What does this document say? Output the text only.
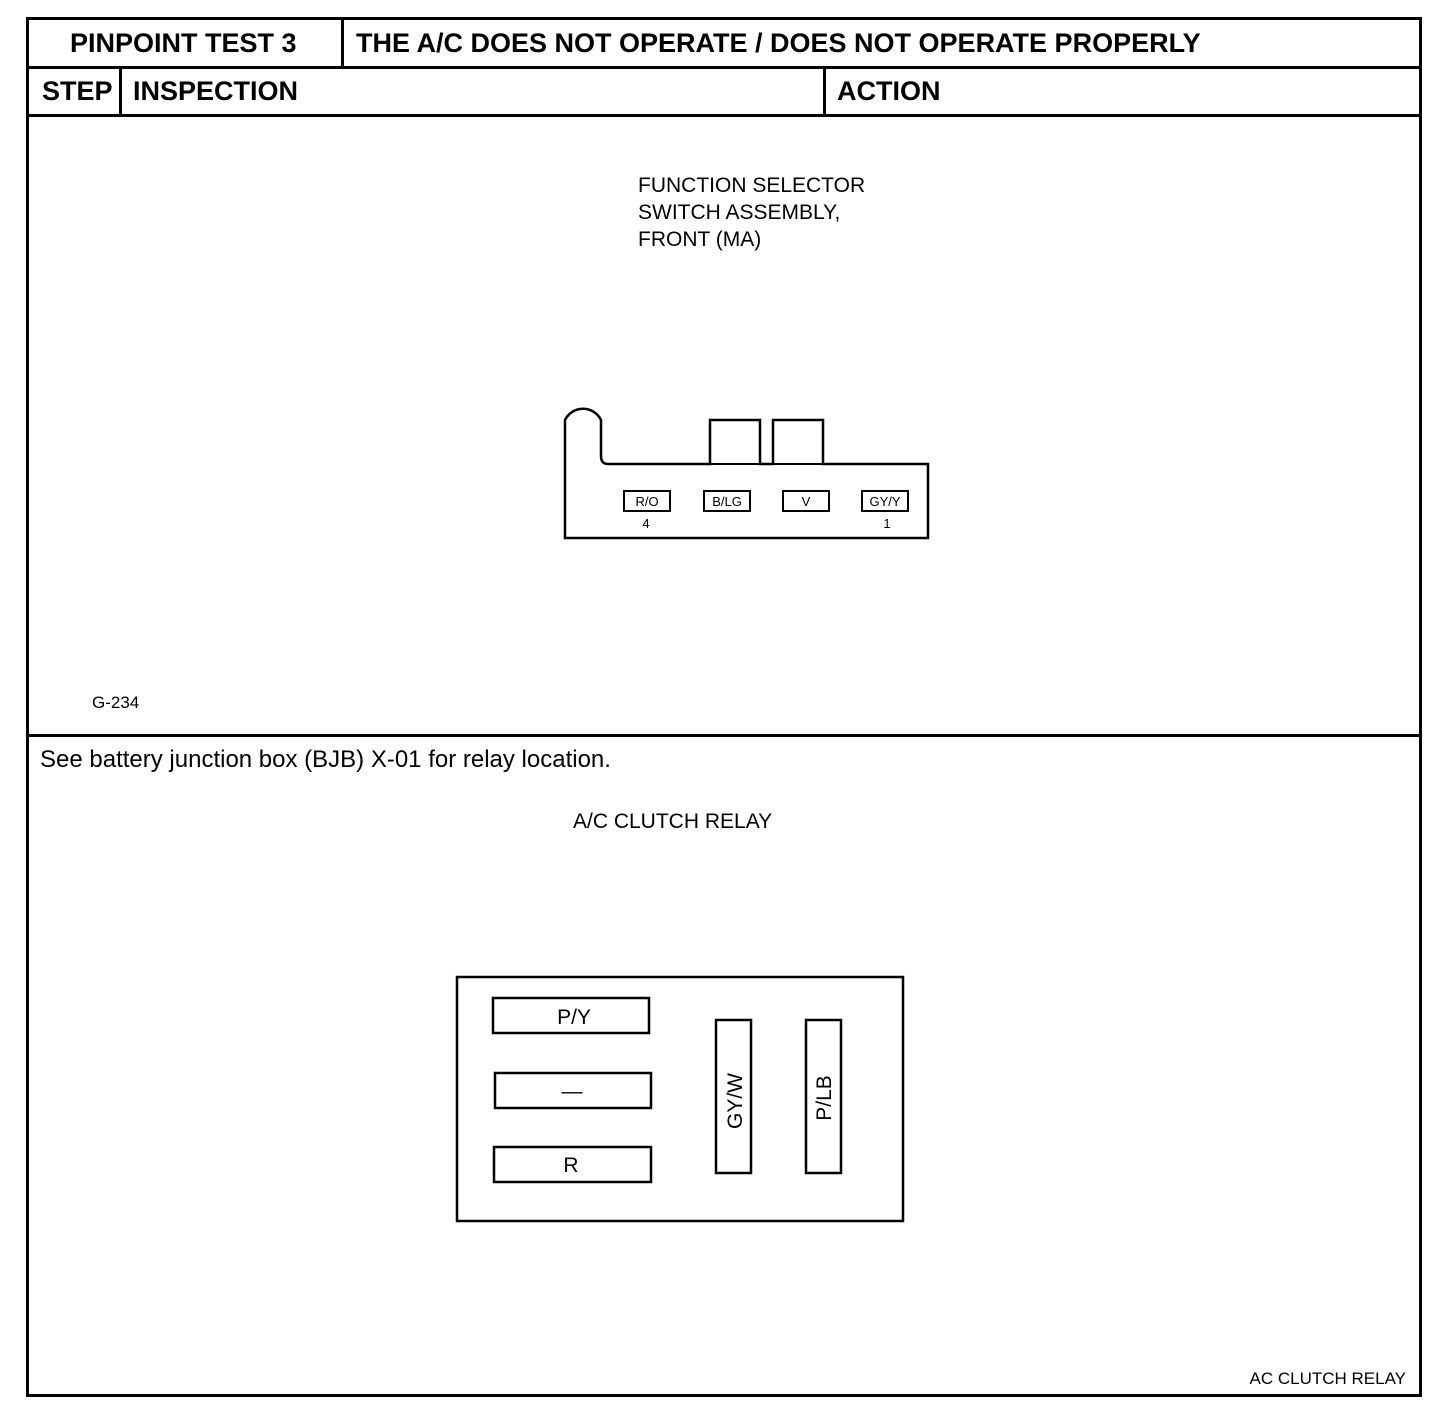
PINPOINT TEST 3 THE A/C DOES NOT OPERATE / DOES NOT OPERATE PROPERLY
STEP INSPECTION	ACTION
FUNCTION SELECTOR
SWITCH ASSEMBLY,
FRONT (MA)
R/O
4
B/LG	V	GY/Y
1
G-234
See battery junction box (BJB) X-01 for relay location.
A/C CLUTCH RELAY
P/Y
—
R
GY/W	P/LB
AC CLUTCH RELAY
